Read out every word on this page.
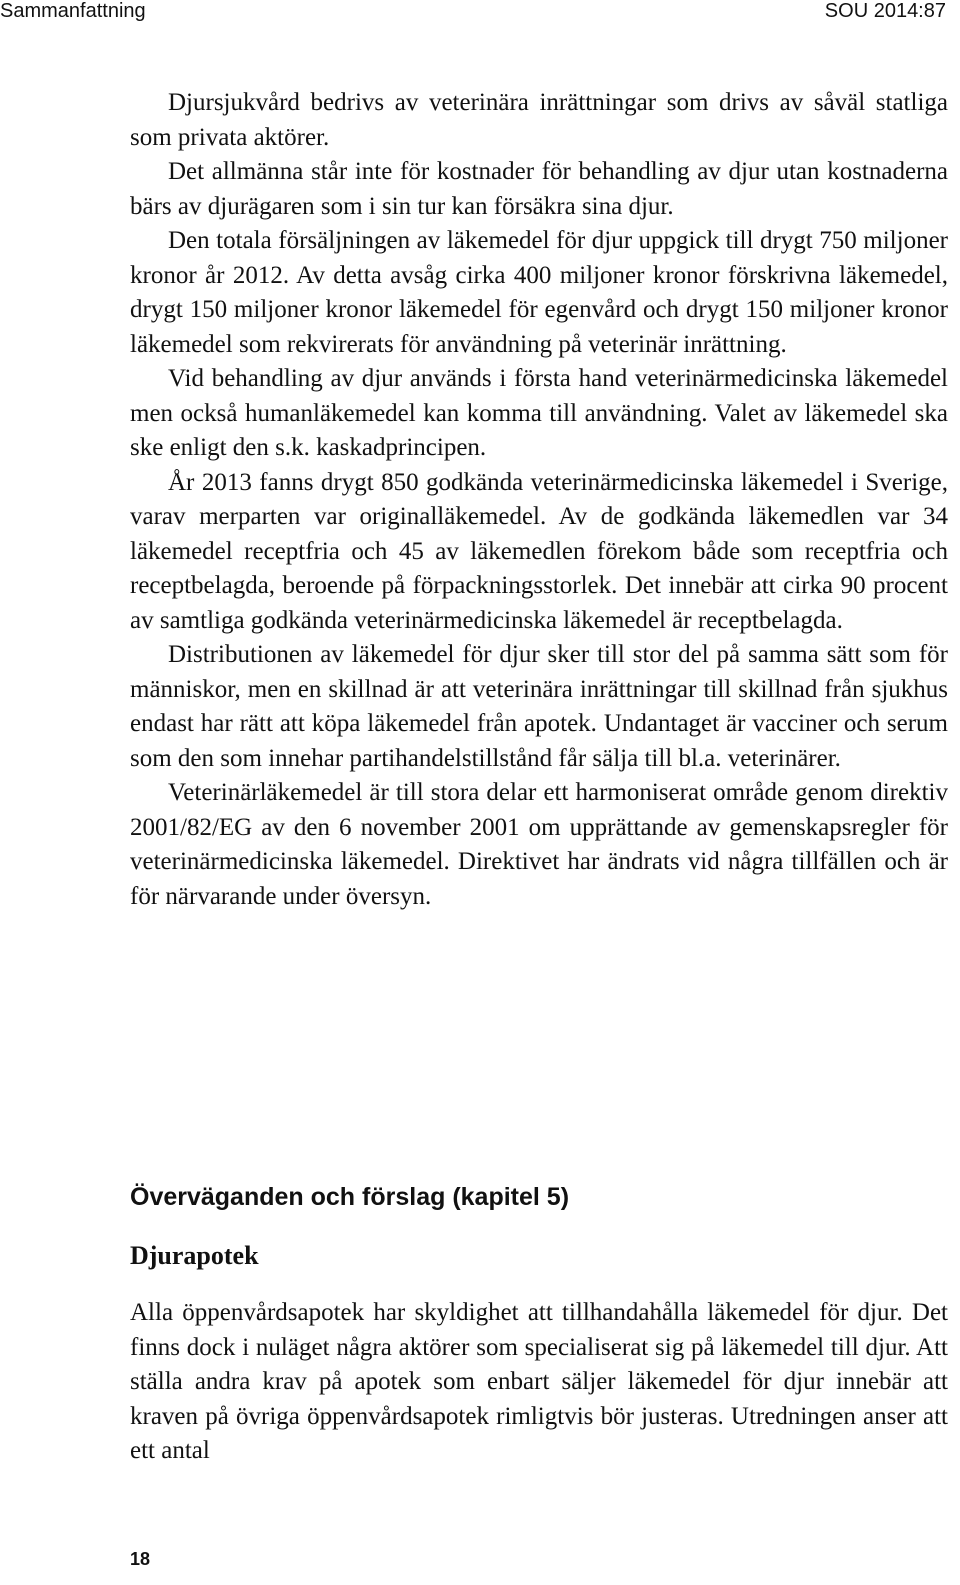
Sammanfattning	SOU 2014:87

Djursjukvård bedrivs av veterinära inrättningar som drivs av såväl statliga som privata aktörer.

Det allmänna står inte för kostnader för behandling av djur utan kostnaderna bärs av djurägaren som i sin tur kan försäkra sina djur.

Den totala försäljningen av läkemedel för djur uppgick till drygt 750 miljoner kronor år 2012. Av detta avsåg cirka 400 miljoner kronor förskrivna läkemedel, drygt 150 miljoner kronor läkemedel för egenvård och drygt 150 miljoner kronor läkemedel som rekvirerats för användning på veterinär inrättning.

Vid behandling av djur används i första hand veterinärmedicinska läkemedel men också humanläkemedel kan komma till användning. Valet av läkemedel ska ske enligt den s.k. kaskadprincipen.

År 2013 fanns drygt 850 godkända veterinärmedicinska läkemedel i Sverige, varav merparten var originalläkemedel. Av de godkända läkemedlen var 34 läkemedel receptfria och 45 av läkemedlen förekom både som receptfria och receptbelagda, beroende på förpackningsstorlek. Det innebär att cirka 90 procent av samtliga godkända veterinärmedicinska läkemedel är receptbelagda.

Distributionen av läkemedel för djur sker till stor del på samma sätt som för människor, men en skillnad är att veterinära inrättningar till skillnad från sjukhus endast har rätt att köpa läkemedel från apotek. Undantaget är vacciner och serum som den som innehar partihandelstillstånd får sälja till bl.a. veterinärer.

Veterinärläkemedel är till stora delar ett harmoniserat område genom direktiv 2001/82/EG av den 6 november 2001 om upprättande av gemenskapsregler för veterinärmedicinska läkemedel. Direktivet har ändrats vid några tillfällen och är för närvarande under översyn.

Överväganden och förslag (kapitel 5)
Djurapotek

Alla öppenvårdsapotek har skyldighet att tillhandahålla läkemedel för djur. Det finns dock i nuläget några aktörer som specialiserat sig på läkemedel till djur. Att ställa andra krav på apotek som enbart säljer läkemedel för djur innebär att kraven på övriga öppenvårdsapotek rimligtvis bör justeras. Utredningen anser att ett antal

18
